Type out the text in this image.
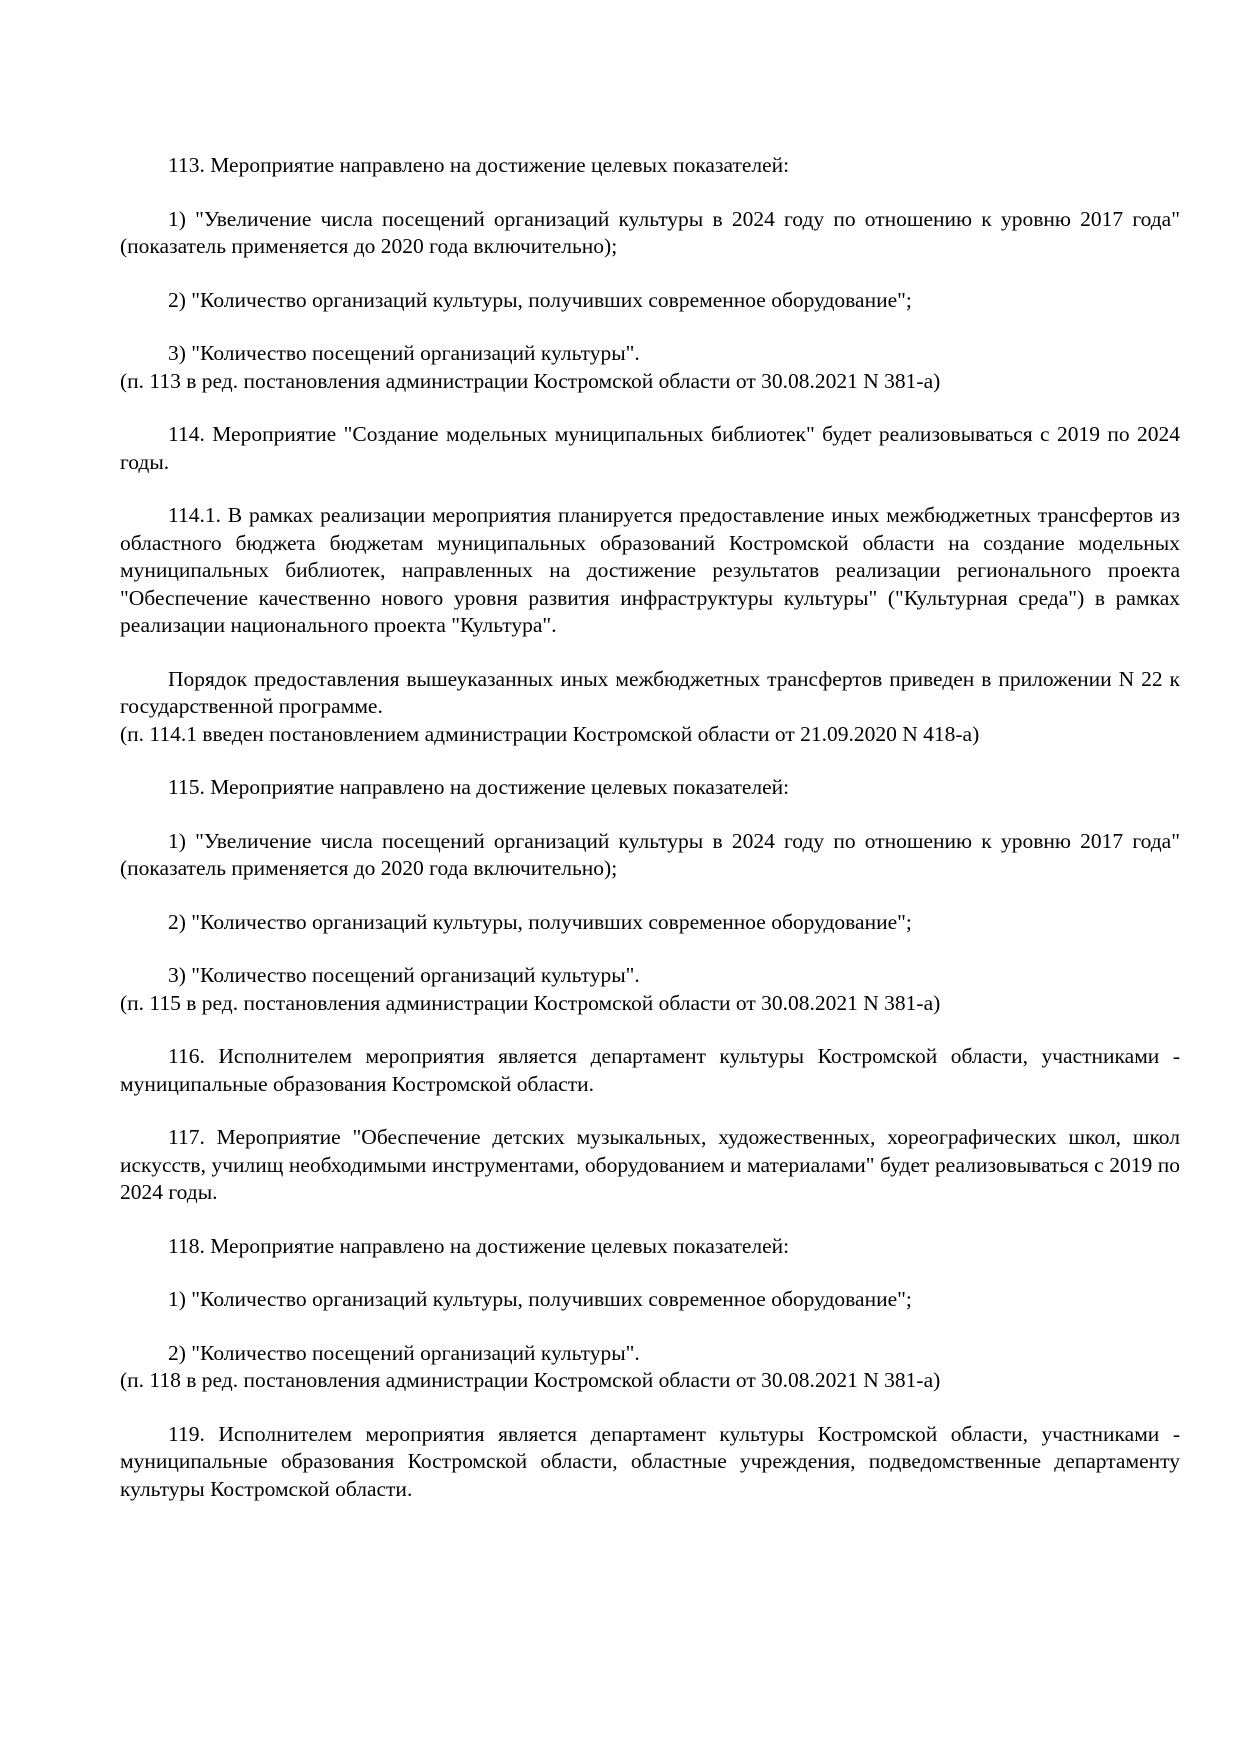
113. Мероприятие направлено на достижение целевых показателей:

1) "Увеличение числа посещений организаций культуры в 2024 году по отношению к уровню 2017 года" (показатель применяется до 2020 года включительно);

2) "Количество организаций культуры, получивших современное оборудование";

3) "Количество посещений организаций культуры".

(п. 113 в ред. постановления администрации Костромской области от 30.08.2021 N 381-а)

114. Мероприятие "Создание модельных муниципальных библиотек" будет реализовываться с 2019 по 2024 годы.

114.1. В рамках реализации мероприятия планируется предоставление иных межбюджетных трансфертов из областного бюджета бюджетам муниципальных образований Костромской области на создание модельных муниципальных библиотек, направленных на достижение результатов реализации регионального проекта "Обеспечение качественно нового уровня развития инфраструктуры культуры" ("Культурная среда") в рамках реализации национального проекта "Культура".

Порядок предоставления вышеуказанных иных межбюджетных трансфертов приведен в приложении N 22 к государственной программе.

(п. 114.1 введен постановлением администрации Костромской области от 21.09.2020 N 418-а)

115. Мероприятие направлено на достижение целевых показателей:

1) "Увеличение числа посещений организаций культуры в 2024 году по отношению к уровню 2017 года" (показатель применяется до 2020 года включительно);

2) "Количество организаций культуры, получивших современное оборудование";

3) "Количество посещений организаций культуры".

(п. 115 в ред. постановления администрации Костромской области от 30.08.2021 N 381-а)

116. Исполнителем мероприятия является департамент культуры Костромской области, участниками - муниципальные образования Костромской области.

117. Мероприятие "Обеспечение детских музыкальных, художественных, хореографических школ, школ искусств, училищ необходимыми инструментами, оборудованием и материалами" будет реализовываться с 2019 по 2024 годы.

118. Мероприятие направлено на достижение целевых показателей:

1) "Количество организаций культуры, получивших современное оборудование";

2) "Количество посещений организаций культуры".

(п. 118 в ред. постановления администрации Костромской области от 30.08.2021 N 381-а)

119. Исполнителем мероприятия является департамент культуры Костромской области, участниками - муниципальные образования Костромской области, областные учреждения, подведомственные департаменту культуры Костромской области.
